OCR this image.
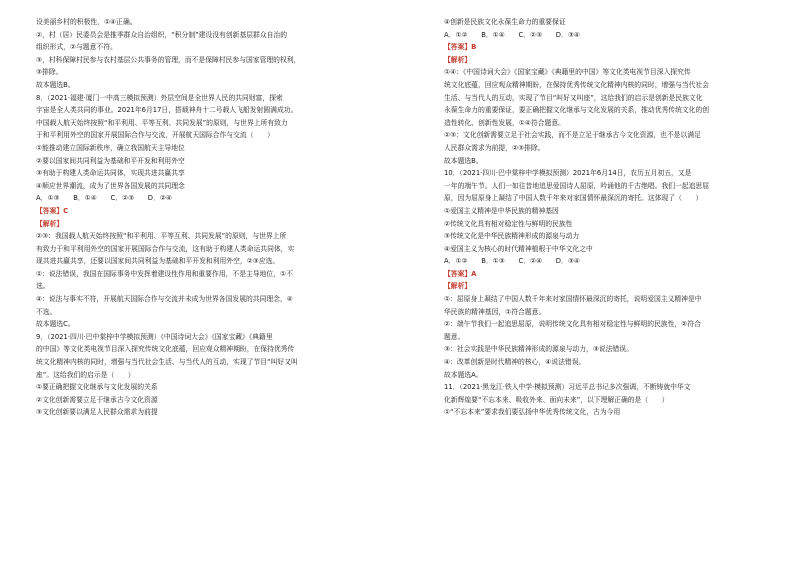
设美丽乡村的积极性，①④正确。

②，村（居）民委员会是推季群众自治组织，“积分制”建设没有创新基层群众自治的

组织形式，②与题意不符。

③，村科保障村民参与农村基层公共事务的管理，而不是保障村民参与国家管理的权利，

③排除。

故本题选B。

8．（2021·福建·厦门一中高三模拟预测）外层空间是全世界人民的共同财富，探索

宇宙是全人类共同的事业。2021年6月17日，搭载神舟十二号载人飞船发射圆满成功。

中国载人航天始终按照“和平利用、平等互利、共同发展”的原则，与世界上所有致力

于和平利用外空的国家开展国际合作与交流，开展航天国际合作与交流（　　）

①能推动建立国际新秩序，确立我国航天主导地位

②要以国家间共同利益为基础和平开发和利用外空

③有助于构建人类命运共同体，实现共进共赢共享

④顺应世界潮流，成为了世界各国发展的共同理念

A．①③　　B．①④　　C．②③　　D．②④

【答案】C

【解析】

②③：我国载人航天始终按照“和平利用、平等互利、共同发展”的原则，与世界上所

有致力于和平利用外空的国家开展国际合作与交流，这有助于构建人类命运共同体，实

现共进共赢共享，还要以国家间共同利益为基础和平开发和利用外空，②③应选。

①：说法错误，我国在国际事务中发挥着建设性作用和重要作用，不是主导地位，①不

选。

④：说法与事实不符，开展航天国际合作与交流并未成为世界各国发展的共同理念，④

不选。

故本题选C。

9．（2021·四川·巴中棠梓中学模拟预测）《中国诗词大会》《国家宝藏》《典籍里

的中国》等文化类电视节目深入探究传统文化底蕴，回应观众精神期盼，在保持优秀传

统文化精神内核的同时，增强与当代社会生活、与当代人的互动，实现了节目“叫好又叫

座”。这给我们的启示是（　　）

①要正确把握文化继承与文化发展的关系

②文化创新需要立足于继承古今文化资源

③文化创新要以满足人民群众需求为前提

④创新是民族文化永葆生命力的重要保证

A．①②　　B．①④　　C．②③　　D．③④

【答案】B

【解析】

①④：《中国诗词大会》《国家宝藏》《典籍里的中国》等文化类电视节目深入探究传

统文化底蕴，回应观众精神期盼，在保持优秀传统文化精神内核的同时，增强与当代社会

生活、与当代人的互动，实现了节目“叫好又叫座”，这给我们的启示是创新是民族文化

永葆生命力的重要保证，要正确把握文化继承与文化发展的关系，推动优秀传统文化的创

造性转化、创新性发展，①④符合题意。

②③：文化创新需要立足于社会实践，而不是立足于继承古今文化资源，也不是以满足

人民群众需求为前提，②③排除。

故本题选B。

10．（2021·四川·巴中棠梓中学模拟预测）2021年6月14日，农历五月初五，又是

一年的端午节。人们一如往昔地追思爱国诗人屈原，吟诵他的千古绝唱。我们一起追思屈

原，因为屈原身上凝结了中国人数千年来对家国情怀最深沉的寄托。这体现了（　　）

①爱国主义精神是中华民族的精神基因

②传统文化具有相对稳定性与鲜明的民族性

③传统文化是中华民族精神形成的源泉与动力

④爱国主义为核心的时代精神植根于中华文化之中

A．①②　　B．①③　　C．②④　　D．③④

【答案】A

【解析】

①：屈原身上凝结了中国人数千年来对家国情怀最深沉的寄托，说明爱国主义精神是中

华民族的精神基因，①符合题意。

②：端午节我们一起追思屈原，说明传统文化具有相对稳定性与鲜明的民族性，②符合

题意。

③：社会实践是中华民族精神形成的源泉与动力，③说法错误。

④：改革创新是时代精神的核心，④说法错误。

故本题选A。

11．（2021·黑龙江·铁人中学·模拟预测）习近平总书记多次强调，不断铸就中华文

化新辉煌要“不忘本来、吸收外来、面向未来”，以下理解正确的是（　　）

①“不忘本来”要求我们要弘扬中华优秀传统文化，古为今用
